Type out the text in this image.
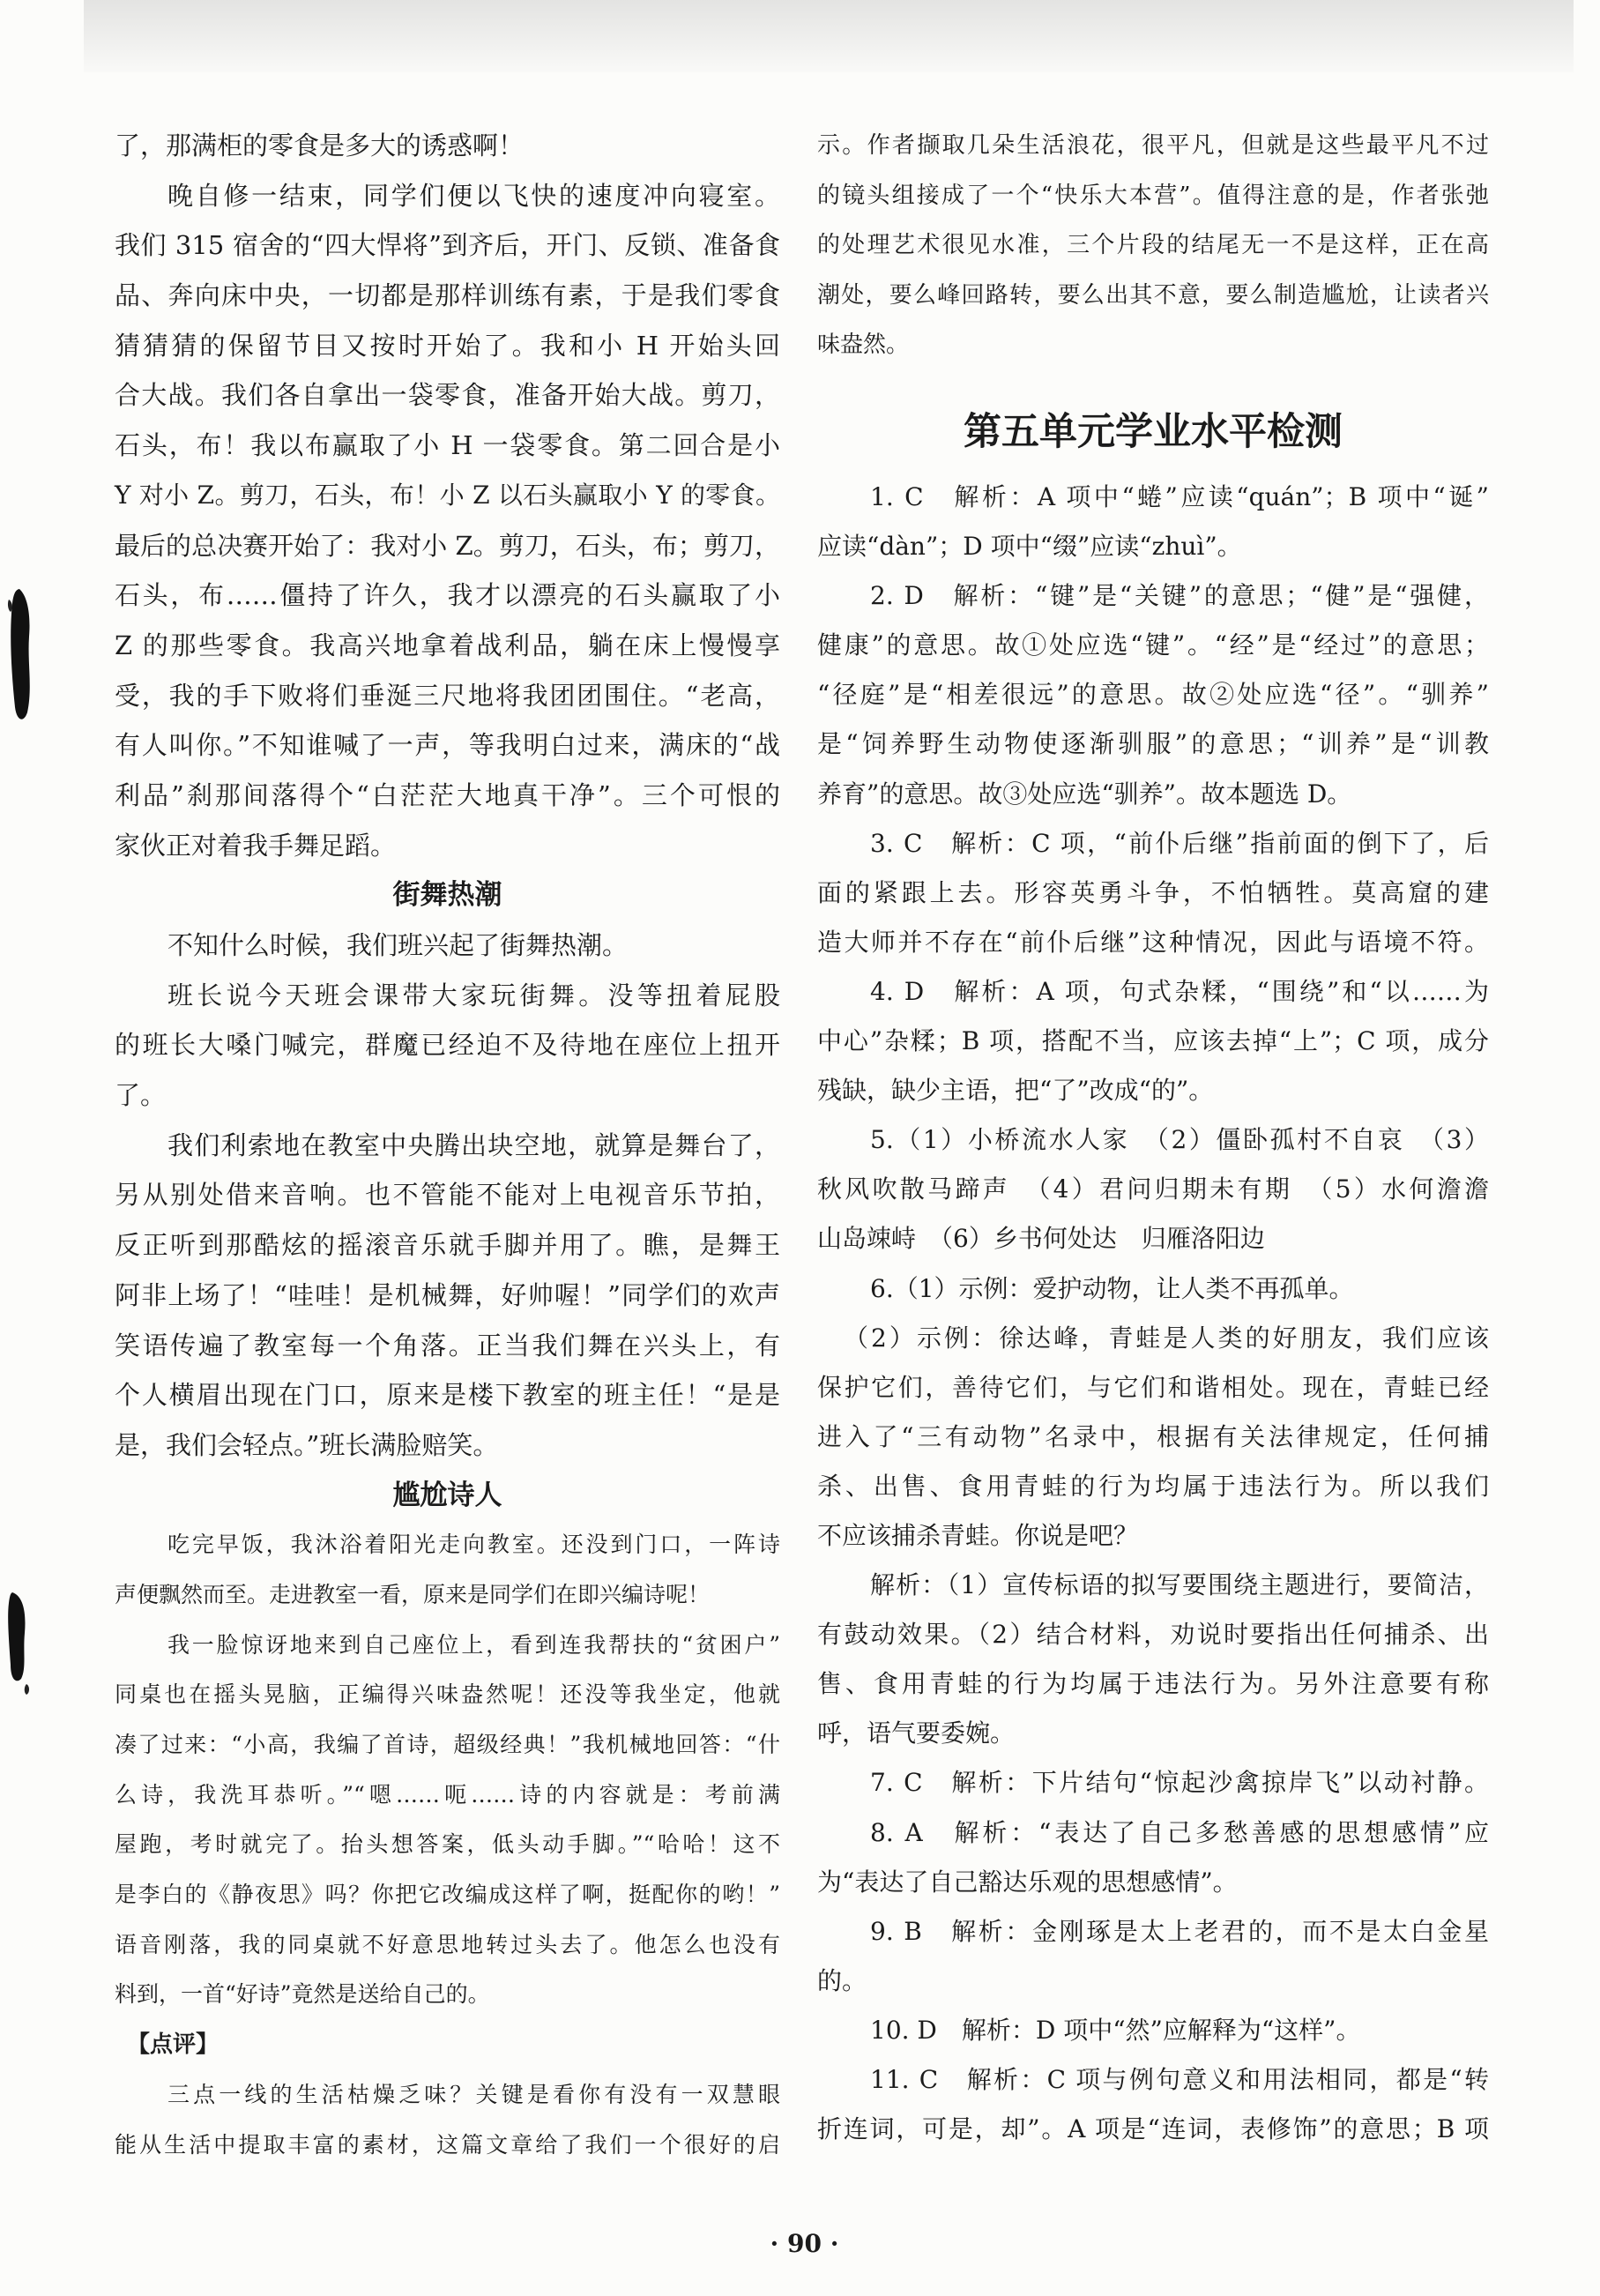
了，那满柜的零食是多大的诱惑啊！
晚自修一结束，同学们便以飞快的速度冲向寝室。
我们 315 宿舍的“四大悍将”到齐后，开门、反锁、准备食
品、奔向床中央，一切都是那样训练有素，于是我们零食
猜猜猜的保留节目又按时开始了。我和小 H 开始头回
合大战。我们各自拿出一袋零食，准备开始大战。剪刀，
石头，布！我以布赢取了小 H 一袋零食。第二回合是小
Y 对小 Z。剪刀，石头，布！小 Z 以石头赢取小 Y 的零食。
最后的总决赛开始了：我对小 Z。剪刀，石头，布；剪刀，
石头，布……僵持了许久，我才以漂亮的石头赢取了小
Z 的那些零食。我高兴地拿着战利品，躺在床上慢慢享
受，我的手下败将们垂涎三尺地将我团团围住。“老高，
有人叫你。”不知谁喊了一声，等我明白过来，满床的“战
利品”刹那间落得个“白茫茫大地真干净”。三个可恨的
家伙正对着我手舞足蹈。
街舞热潮
不知什么时候，我们班兴起了街舞热潮。
班长说今天班会课带大家玩街舞。没等扭着屁股
的班长大嗓门喊完，群魔已经迫不及待地在座位上扭开
了。
我们利索地在教室中央腾出块空地，就算是舞台了，
另从别处借来音响。也不管能不能对上电视音乐节拍，
反正听到那酷炫的摇滚音乐就手脚并用了。瞧，是舞王
阿非上场了！“哇哇！是机械舞，好帅喔！”同学们的欢声
笑语传遍了教室每一个角落。正当我们舞在兴头上，有
个人横眉出现在门口，原来是楼下教室的班主任！“是是
是，我们会轻点。”班长满脸赔笑。
尴尬诗人
吃完早饭，我沐浴着阳光走向教室。还没到门口，一阵诗
声便飘然而至。走进教室一看，原来是同学们在即兴编诗呢！
我一脸惊讶地来到自己座位上，看到连我帮扶的“贫困户”
同桌也在摇头晃脑，正编得兴味盎然呢！还没等我坐定，他就
凑了过来：“小高，我编了首诗，超级经典！”我机械地回答：“什
么诗，我洗耳恭听。”“嗯……呃……诗的内容就是：考前满
屋跑，考时就完了。抬头想答案，低头动手脚。”“哈哈！这不
是李白的《静夜思》吗？你把它改编成这样了啊，挺配你的哟！”
语音刚落，我的同桌就不好意思地转过头去了。他怎么也没有
料到，一首“好诗”竟然是送给自己的。
【点评】
三点一线的生活枯燥乏味？关键是看你有没有一双慧眼
能从生活中提取丰富的素材，这篇文章给了我们一个很好的启
示。作者撷取几朵生活浪花，很平凡，但就是这些最平凡不过
的镜头组接成了一个“快乐大本营”。值得注意的是，作者张弛
的处理艺术很见水准，三个片段的结尾无一不是这样，正在高
潮处，要么峰回路转，要么出其不意，要么制造尴尬，让读者兴
味盎然。
第五单元学业水平检测
1. C　解析：A 项中“蜷”应读“quán”；B 项中“诞”
应读“dàn”；D 项中“缀”应读“zhuì”。
2. D　解析：“键”是“关键”的意思；“健”是“强健，
健康”的意思。故①处应选“键”。“经”是“经过”的意思；
“径庭”是“相差很远”的意思。故②处应选“径”。“驯养”
是“饲养野生动物使逐渐驯服”的意思；“训养”是“训教
养育”的意思。故③处应选“驯养”。故本题选 D。
3. C　解析：C 项，“前仆后继”指前面的倒下了，后
面的紧跟上去。形容英勇斗争，不怕牺牲。莫高窟的建
造大师并不存在“前仆后继”这种情况，因此与语境不符。
4. D　解析：A 项，句式杂糅，“围绕”和“以……为
中心”杂糅；B 项，搭配不当，应该去掉“上”；C 项，成分
残缺，缺少主语，把“了”改成“的”。
5.（1）小桥流水人家　（2）僵卧孤村不自哀　（3）
秋风吹散马蹄声　（4）君问归期未有期　（5）水何澹澹
山岛竦峙　（6）乡书何处达　归雁洛阳边
6.（1）示例：爱护动物，让人类不再孤单。
（2）示例：徐达峰，青蛙是人类的好朋友，我们应该
保护它们，善待它们，与它们和谐相处。现在，青蛙已经
进入了“三有动物”名录中，根据有关法律规定，任何捕
杀、出售、食用青蛙的行为均属于违法行为。所以我们
不应该捕杀青蛙。你说是吧？
解析：（1）宣传标语的拟写要围绕主题进行，要简洁，
有鼓动效果。（2）结合材料，劝说时要指出任何捕杀、出
售、食用青蛙的行为均属于违法行为。另外注意要有称
呼，语气要委婉。
7. C　解析：下片结句“惊起沙禽掠岸飞”以动衬静。
8. A　解析：“表达了自己多愁善感的思想感情”应
为“表达了自己豁达乐观的思想感情”。
9. B　解析：金刚琢是太上老君的，而不是太白金星
的。
10. D　解析：D 项中“然”应解释为“这样”。
11. C　解析：C 项与例句意义和用法相同，都是“转
折连词，可是，却”。A 项是“连词，表修饰”的意思；B 项
· 90 ·
